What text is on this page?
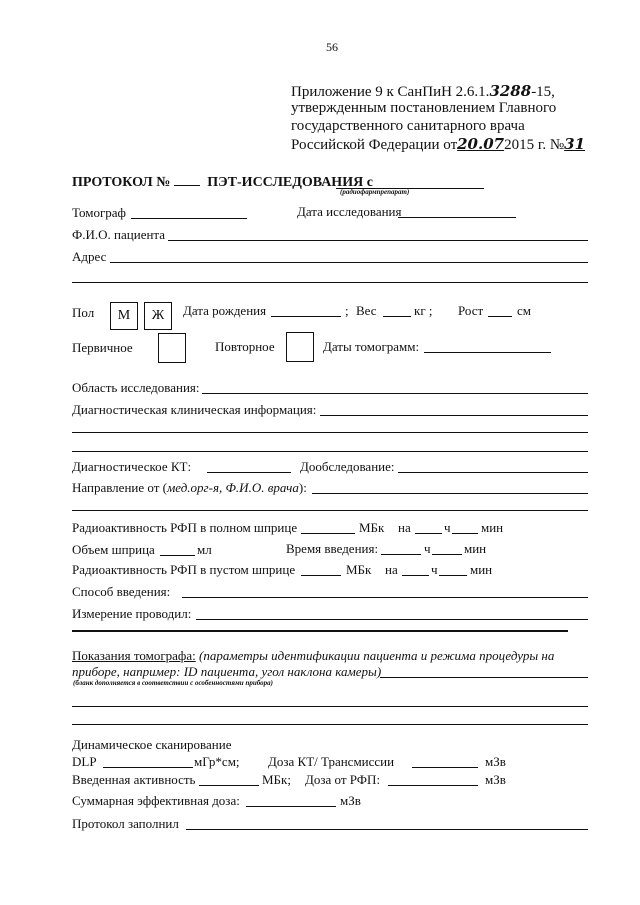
56
Приложение 9 к СанПиН 2.6.1.3288-15,
утвержденным постановлением Главного
государственного санитарного врача
Российской Федерации от20.072015 г. №31
ПРОТОКОЛ №	ПЭТ-ИССЛЕДОВАНИЯ с
(радиофармпрепарат)
Томограф	Дата исследования
Ф.И.О. пациента
Адрес
Пол	М	Ж	Дата рождения	; Вес	кг ; Рост	см
Первичное	Повторное	Даты томограмм:
Область исследования:
Диагностическая клиническая информация:
Диагностическое КТ:	Дообследование:
Направление от (мед.орг-я, Ф.И.О. врача):
Радиоактивность РФП в полном шприце	МБк на	ч мин
Объем шприца	мл	Время введения:	ч	мин
Радиоактивность РФП в пустом шприце	МБк на	ч мин
Способ введения:
Измерение проводил:
Показания томографа: (параметры идентификации пациента и режима процедуры на
приборе, например: ID пациента, угол наклона камеры)
(бланк дополняется в соответствии с особенностями прибора)
Динамическое сканирование
DLP	мГр*см; Доза КТ/ Трансмиссии	мЗв
Введенная активность	МБк; Доза от РФП:	мЗв
Суммарная эффективная доза:	мЗв
Протокол заполнил
